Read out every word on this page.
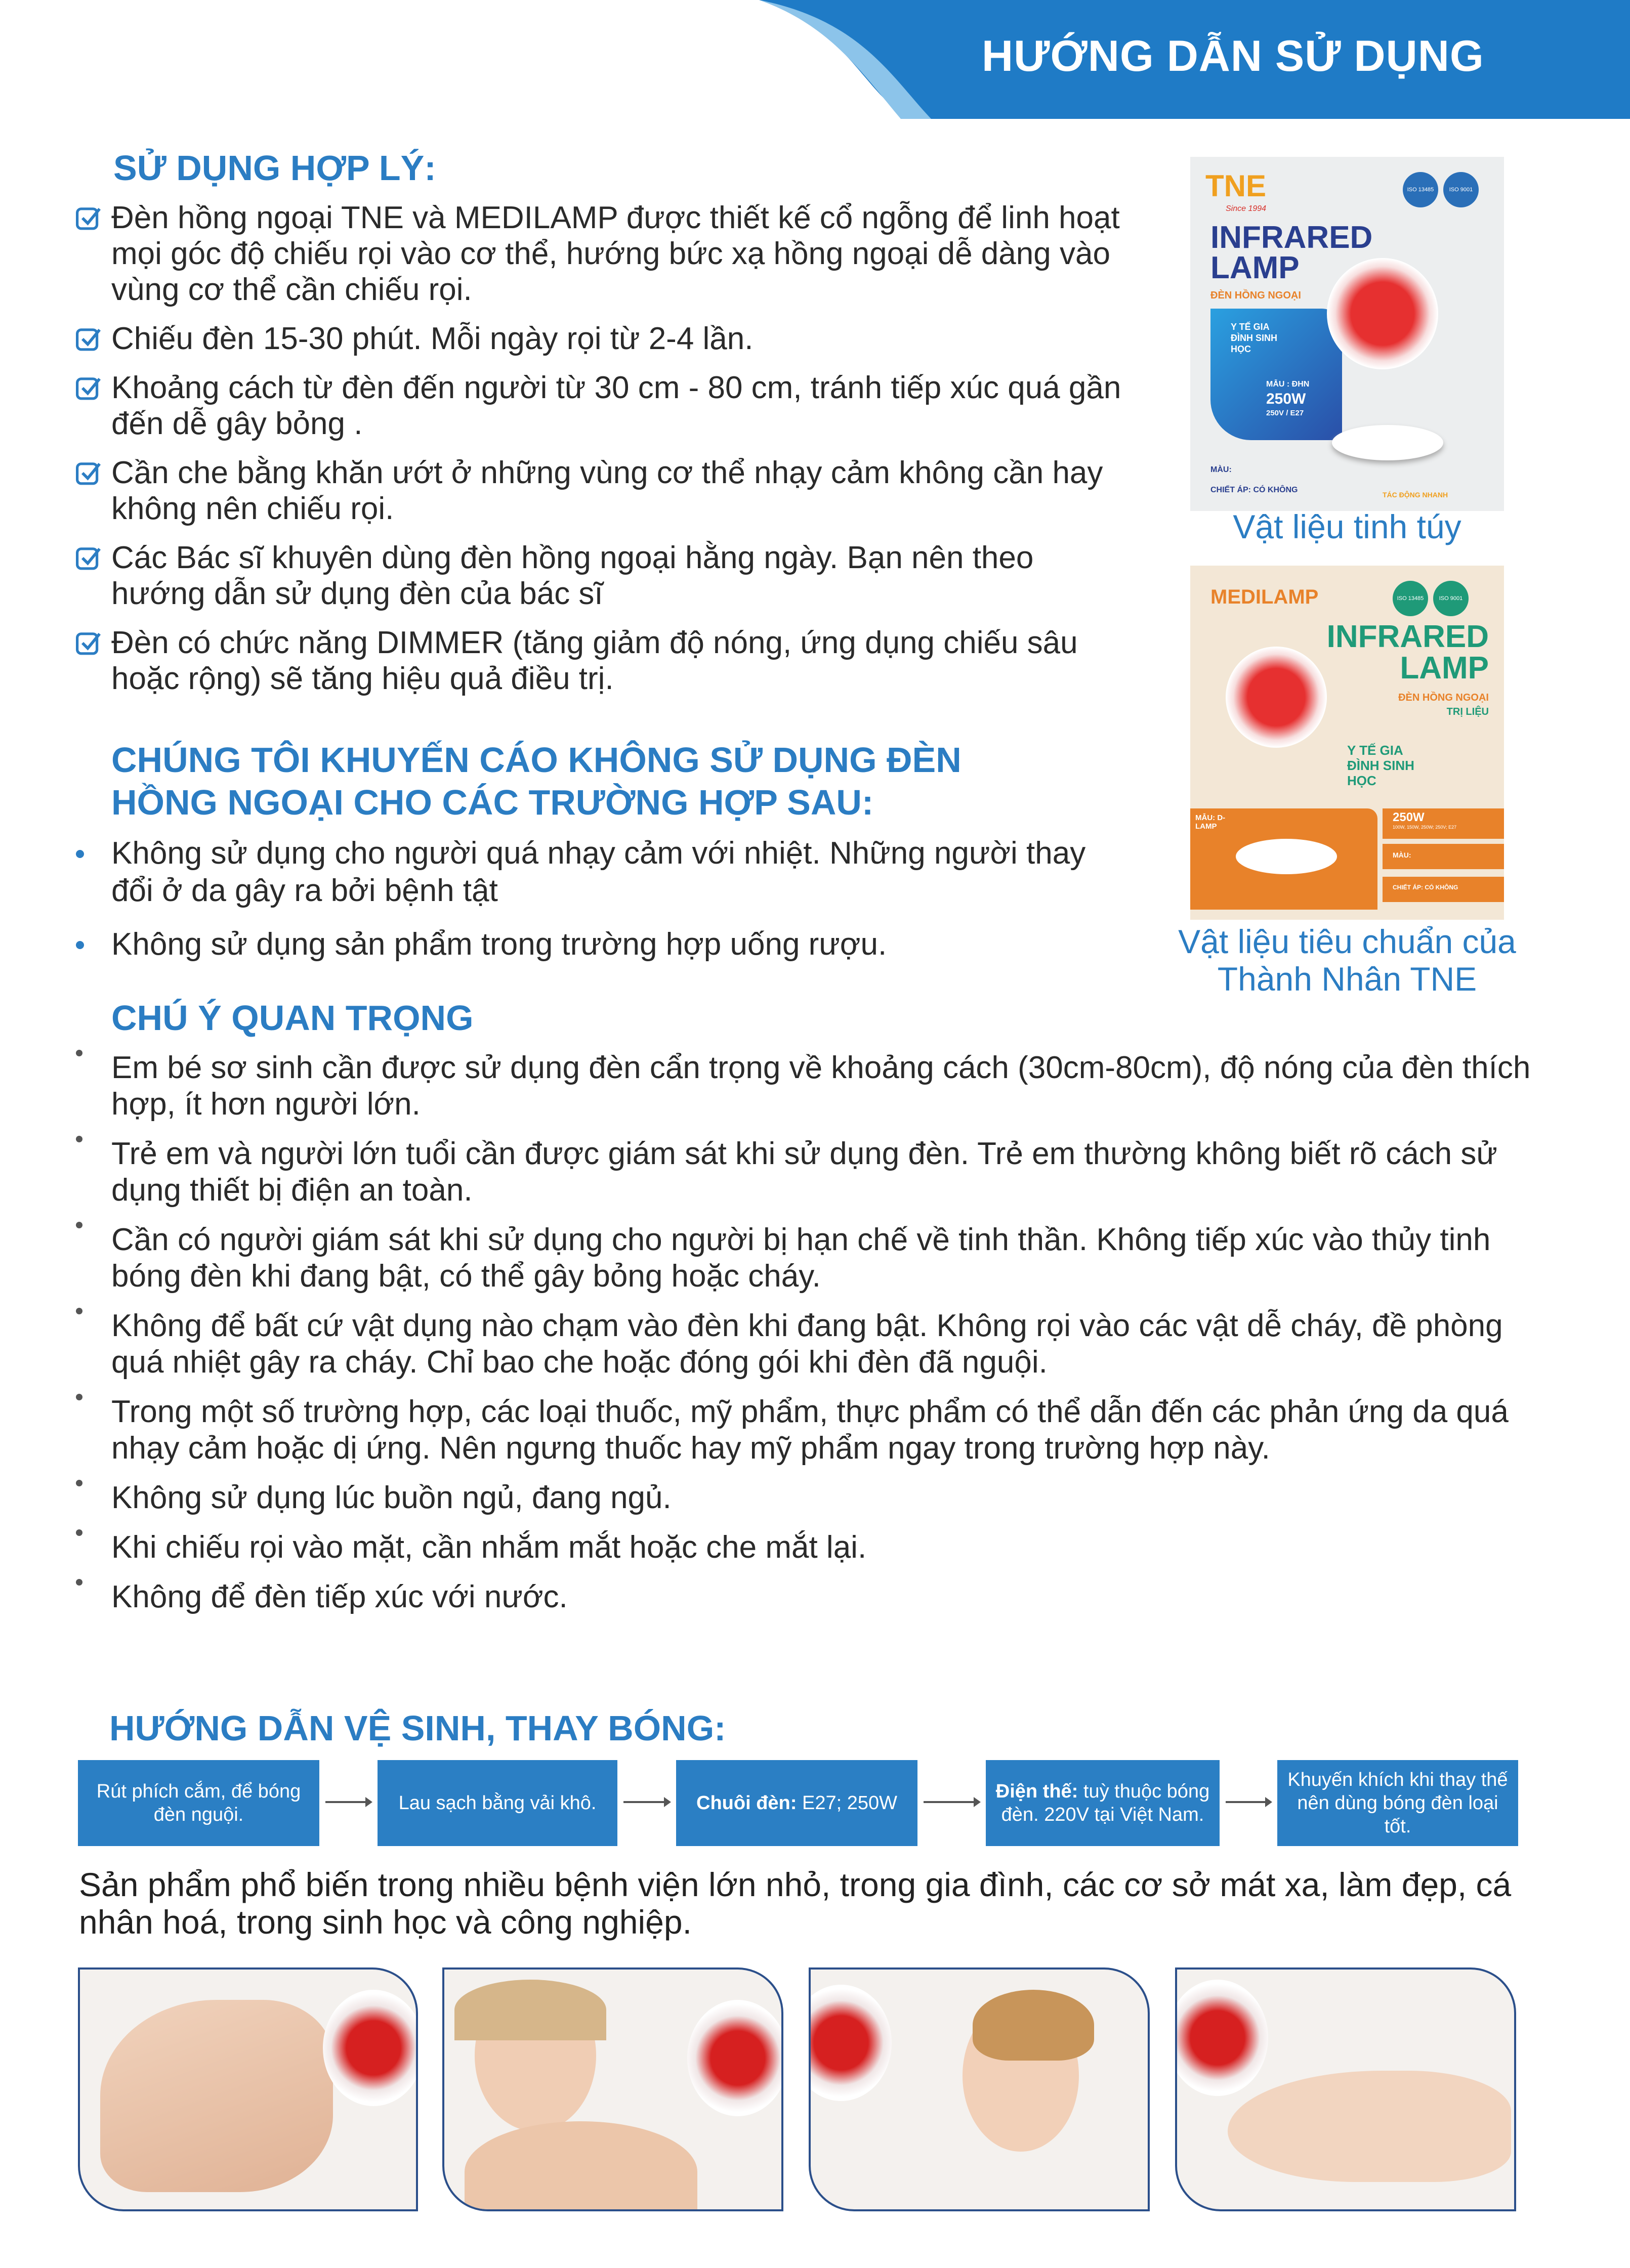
HƯỚNG DẪN SỬ DỤNG
SỬ DỤNG HỢP LÝ:
Đèn hồng ngoại TNE và MEDILAMP được thiết kế cổ ngỗng để linh hoạt mọi góc độ chiếu rọi vào cơ thể, hướng bức xạ hồng ngoại dễ dàng vào vùng cơ thể cần chiếu rọi.
Chiếu đèn 15-30 phút. Mỗi ngày rọi từ 2-4 lần.
Khoảng cách từ đèn đến người từ 30 cm - 80 cm, tránh tiếp xúc quá gần đến dễ gây bỏng .
Cần che bằng khăn ướt ở những vùng cơ thể nhạy cảm không cần hay không nên chiếu rọi.
Các Bác sĩ khuyên dùng đèn hồng ngoại hằng ngày. Bạn nên theo hướng dẫn sử dụng đèn của bác sĩ
Đèn có chức năng DIMMER (tăng giảm độ nóng, ứng dụng chiếu sâu hoặc rộng) sẽ tăng hiệu quả điều trị.
CHÚNG TÔI KHUYẾN CÁO KHÔNG SỬ DỤNG ĐÈN
HỒNG NGOẠI CHO CÁC TRƯỜNG HỢP SAU:
Không sử dụng cho người quá nhạy cảm với nhiệt. Những người thay đổi ở da gây ra bởi bệnh tật
Không sử dụng sản phẩm trong trường hợp uống rượu.
TNE
Since 1994
INFRARED LAMP
ĐÈN HỒNG NGOẠI
Y TẾ GIA ĐÌNH SINH HỌC
MẪU : ĐHN
250W
250V / E27
ISO 13485	ISO 9001
MÀU:
CHIẾT ÁP: CÓ KHÔNG
TÁC ĐỘNG NHANH
Vật liệu tinh túy
MEDILAMP
INFRARED LAMP
ĐÈN HỒNG NGOẠI
TRỊ LIỆU
Y TẾ GIA ĐÌNH SINH HỌC
MẪU: D-LAMP
250W
100W, 150W, 250W; 250V; E27
MÀU:
CHIẾT ÁP: CÓ KHÔNG
ISO 13485	ISO 9001
Vật liệu tiêu chuẩn của Thành Nhân TNE
CHÚ Ý QUAN TRỌNG
Em bé sơ sinh cần được sử dụng đèn cẩn trọng về khoảng cách (30cm-80cm), độ nóng của đèn thích hợp, ít hơn người lớn.
Trẻ em và người lớn tuổi cần được giám sát khi sử dụng đèn. Trẻ em thường không biết rõ cách sử dụng thiết bị điện an toàn.
Cần có người giám sát khi sử dụng cho người bị hạn chế về tinh thần. Không tiếp xúc vào thủy tinh bóng đèn khi đang bật, có thể gây bỏng hoặc cháy.
Không để bất cứ vật dụng nào chạm vào đèn khi đang bật. Không rọi vào các vật dễ cháy, đề phòng quá nhiệt gây ra cháy. Chỉ bao che hoặc đóng gói khi đèn đã nguội.
Trong một số trường hợp, các loại thuốc, mỹ phẩm, thực phẩm có thể dẫn đến các phản ứng da quá nhạy cảm hoặc dị ứng. Nên ngưng thuốc hay mỹ phẩm ngay trong trường hợp này.
Không sử dụng lúc buồn ngủ, đang ngủ.
Khi chiếu rọi vào mặt, cần nhắm mắt hoặc che mắt lại.
Không để đèn tiếp xúc với nước.
HƯỚNG DẪN VỆ SINH, THAY BÓNG:
Rút phích cắm, để bóng đèn nguội.
Lau sạch bằng vải khô.	Chuôi đèn: E27; 250W
Điện thế: tuỳ thuộc bóng đèn. 220V tại Việt Nam.
Khuyến khích khi thay thế nên dùng bóng đèn loại tốt.
Sản phẩm phổ biến trong nhiều bệnh viện lớn nhỏ, trong gia đình, các cơ sở mát xa, làm đẹp, cá nhân hoá, trong sinh học và công nghiệp.
